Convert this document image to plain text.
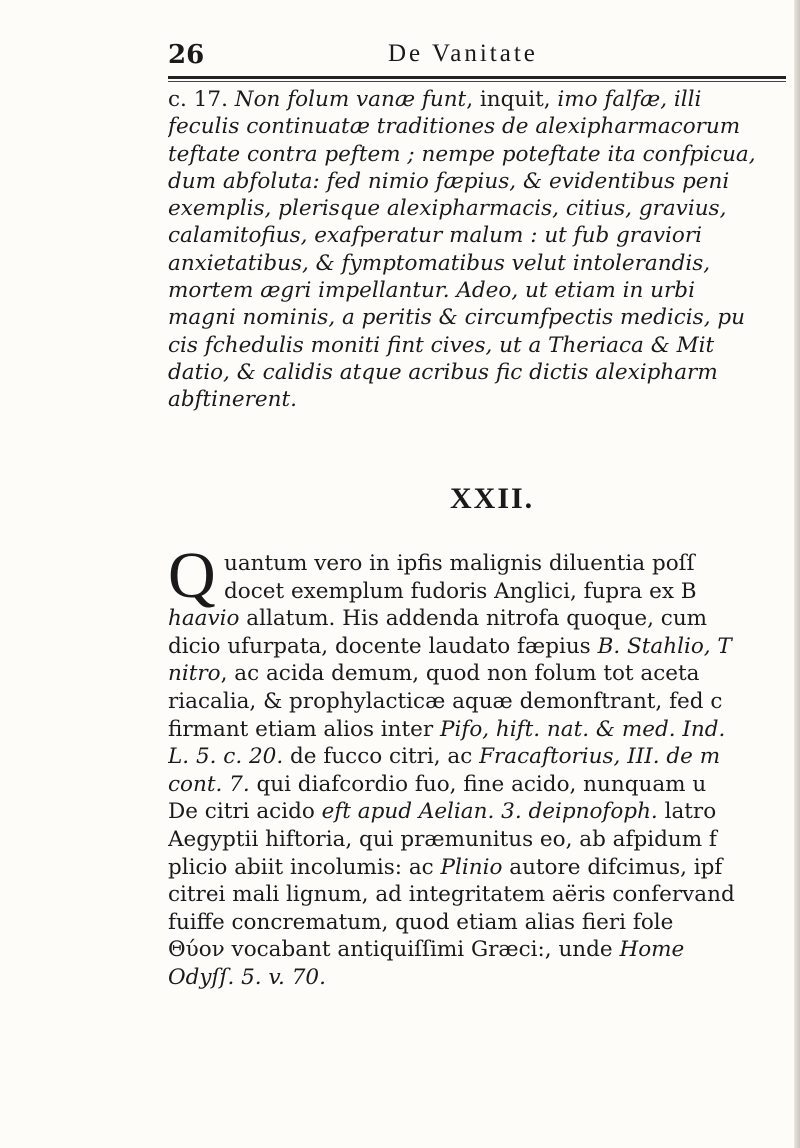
26	De Vanitate
c. 17. Non folum vanæ funt, inquit, imo falfæ, illi
feculis continuatæ traditiones de alexipharmacorum
teftate contra peftem ; nempe poteftate ita confpicua,
dum abfoluta: fed nimio fæpius, & evidentibus peni
exemplis, plerisque alexipharmacis, citius, gravius,
calamitofius, exafperatur malum : ut fub graviori
anxietatibus, & fymptomatibus velut intolerandis,
mortem ægri impellantur. Adeo, ut etiam in urbi
magni nominis, a peritis & circumfpectis medicis, pu
cis fchedulis moniti fint cives, ut a Theriaca & Mit
datio, & calidis atque acribus fic dictis alexipharm
abftinerent.
XXII.
Q uantum vero in ipfis malignis diluentia poſſ
docet exemplum fudoris Anglici, fupra ex B
haavio allatum. His addenda nitrofa quoque, cum
dicio ufurpata, docente laudato fæpius B. Stahlio, T
nitro, ac acida demum, quod non folum tot aceta
riacalia, & prophylacticæ aquæ demonftrant, fed c
firmant etiam alios inter Pifo, hift. nat. & med. Ind.
L. 5. c. 20. de fucco citri, ac Fracaftorius, III. de m
cont. 7. qui diafcordio fuo, fine acido, nunquam u
De citri acido eft apud Aelian. 3. deipnofoph. latro
Aegyptii hiftoria, qui præmunitus eo, ab afpidum f
plicio abiit incolumis: ac Plinio autore difcimus, ipf
citrei mali lignum, ad integritatem aëris confervand
fuiffe concrematum, quod etiam alias fieri fole
Θύον vocabant antiquiſſimi Græci:, unde Home
Odyſſ. 5. v. 70.
